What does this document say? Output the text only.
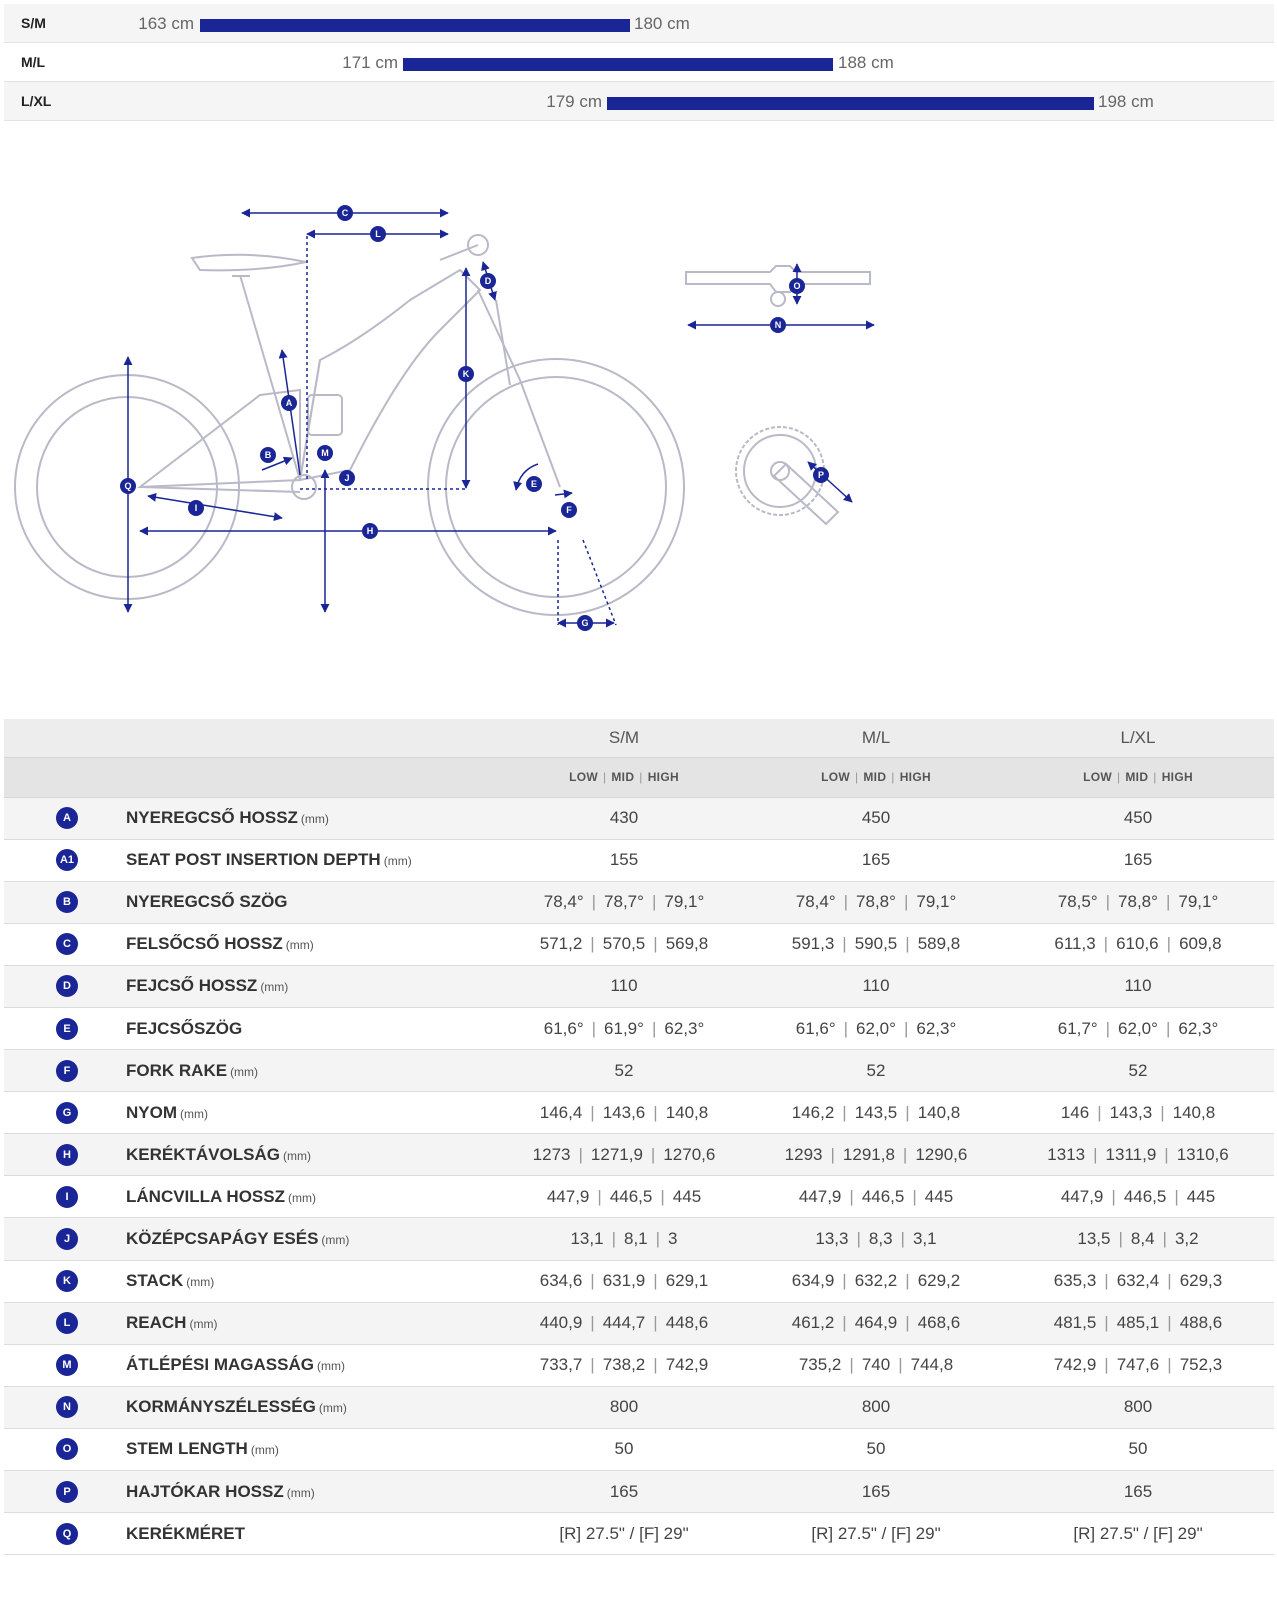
S/M	163 cm	180 cm
M/L	171 cm	188 cm
L/XL	179 cm	198 cm
C
L
D
K
A
B	M
J
Q
I
H
E
F
G
O
N
P
		S/M	M/L	L/XL
		LOW | MID | HIGH	LOW | MID | HIGH	LOW | MID | HIGH
A	NYEREGCSŐ HOSSZ (mm)	430	450	450
A1	SEAT POST INSERTION DEPTH (mm)	155	165	165
B	NYEREGCSŐ SZÖG	78,4° | 78,7° | 79,1°	78,4° | 78,8° | 79,1°	78,5° | 78,8° | 79,1°
C	FELSŐCSŐ HOSSZ (mm)	571,2 | 570,5 | 569,8	591,3 | 590,5 | 589,8	611,3 | 610,6 | 609,8
D	FEJCSŐ HOSSZ (mm)	110	110	110
E	FEJCSŐSZÖG	61,6° | 61,9° | 62,3°	61,6° | 62,0° | 62,3°	61,7° | 62,0° | 62,3°
F	FORK RAKE (mm)	52	52	52
G	NYOM (mm)	146,4 | 143,6 | 140,8	146,2 | 143,5 | 140,8	146 | 143,3 | 140,8
H	KERÉKTÁVOLSÁG (mm)	1273 | 1271,9 | 1270,6	1293 | 1291,8 | 1290,6	1313 | 1311,9 | 1310,6
I	LÁNCVILLA HOSSZ (mm)	447,9 | 446,5 | 445	447,9 | 446,5 | 445	447,9 | 446,5 | 445
J	KÖZÉPCSAPÁGY ESÉS (mm)	13,1 | 8,1 | 3	13,3 | 8,3 | 3,1	13,5 | 8,4 | 3,2
K	STACK (mm)	634,6 | 631,9 | 629,1	634,9 | 632,2 | 629,2	635,3 | 632,4 | 629,3
L	REACH (mm)	440,9 | 444,7 | 448,6	461,2 | 464,9 | 468,6	481,5 | 485,1 | 488,6
M	ÁTLÉPÉSI MAGASSÁG (mm)	733,7 | 738,2 | 742,9	735,2 | 740 | 744,8	742,9 | 747,6 | 752,3
N	KORMÁNYSZÉLESSÉG (mm)	800	800	800
O	STEM LENGTH (mm)	50	50	50
P	HAJTÓKAR HOSSZ (mm)	165	165	165
Q	KERÉKMÉRET	[R] 27.5" / [F] 29"	[R] 27.5" / [F] 29"	[R] 27.5" / [F] 29"
